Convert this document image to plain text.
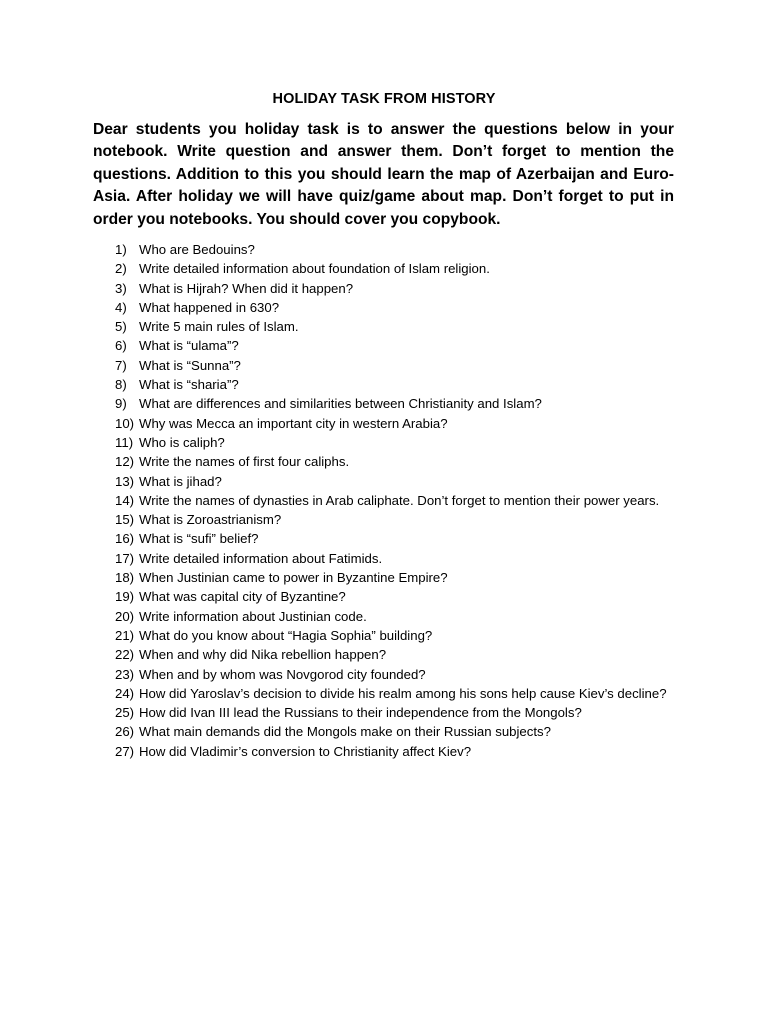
HOLIDAY TASK FROM HISTORY

Dear students you holiday task is to answer the questions below in your notebook. Write question and answer them. Don’t forget to mention the questions. Addition to this you should learn the map of Azerbaijan and Euro-Asia. After holiday we will have quiz/game about map. Don’t forget to put in order you notebooks. You should cover you copybook.

1) Who are Bedouins?
2) Write detailed information about foundation of Islam religion.
3) What is Hijrah? When did it happen?
4) What happened in 630?
5) Write 5 main rules of Islam.
6) What is “ulama”?
7) What is “Sunna”?
8) What is “sharia”?
9) What are differences and similarities between Christianity and Islam?
10) Why was Mecca an important city in western Arabia?
11) Who is caliph?
12) Write the names of first four caliphs.
13) What is jihad?
14) Write the names of dynasties in Arab caliphate. Don’t forget to mention their power years.
15) What is Zoroastrianism?
16) What is “sufi” belief?
17) Write detailed information about Fatimids.
18) When Justinian came to power in Byzantine Empire?
19) What was capital city of Byzantine?
20) Write information about Justinian code.
21) What do you know about “Hagia Sophia” building?
22) When and why did Nika rebellion happen?
23) When and by whom was Novgorod city founded?
24) How did Yaroslav’s decision to divide his realm among his sons help cause Kiev’s decline?
25) How did Ivan III lead the Russians to their independence from the Mongols?
26) What main demands did the Mongols make on their Russian subjects?
27) How did Vladimir’s conversion to Christianity affect Kiev?
